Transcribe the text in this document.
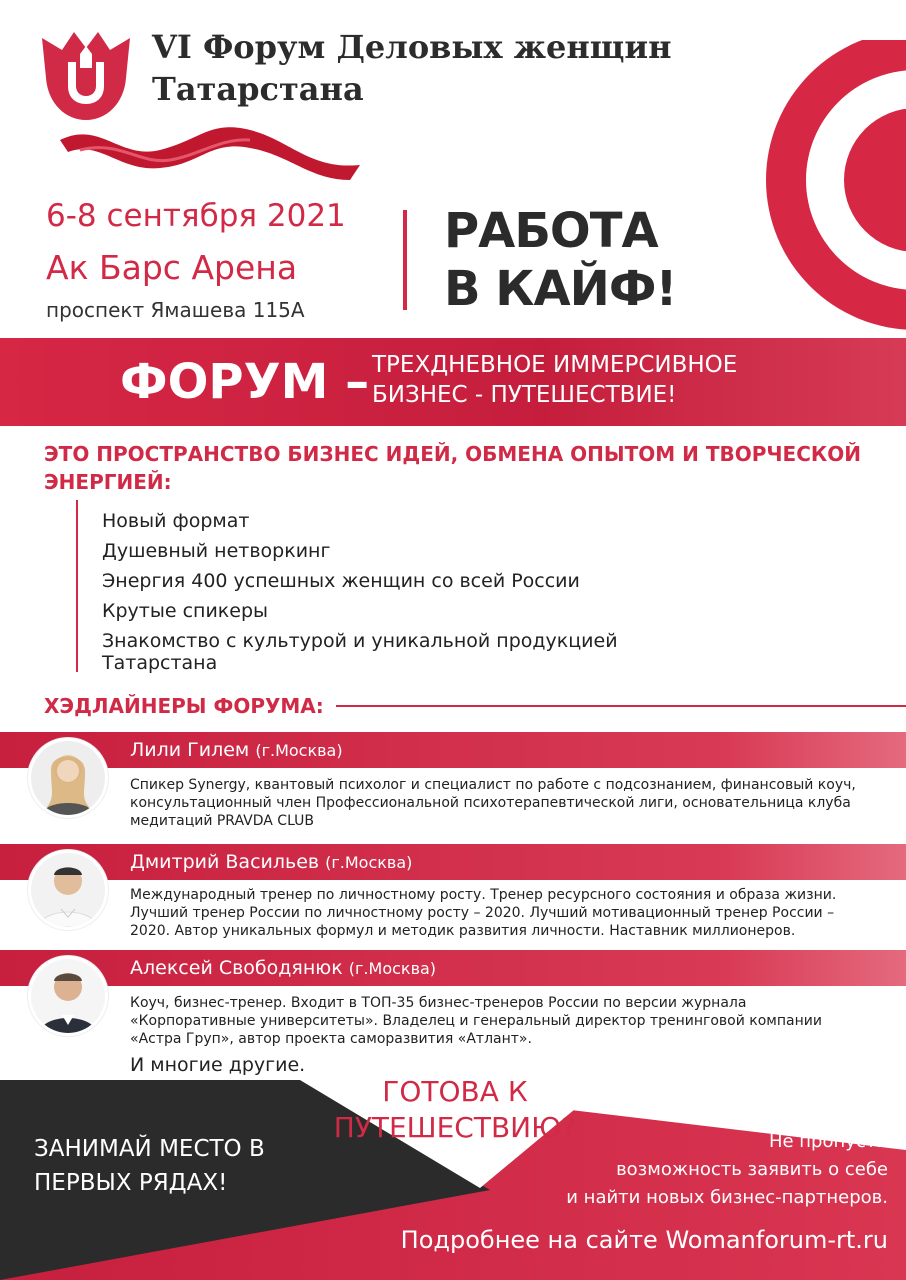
VI Форум Деловых женщин
Татарстана
6-8 сентября 2021
Ак Барс Арена
проспект Ямашева 115А
РАБОТА
В КАЙФ!
ФОРУМ – ТРЕХДНЕВНОЕ ИММЕРСИВНОЕ
БИЗНЕС - ПУТЕШЕСТВИЕ!
ЭТО ПРОСТРАНСТВО БИЗНЕС ИДЕЙ, ОБМЕНА ОПЫТОМ И ТВОРЧЕСКОЙ ЭНЕРГИЕЙ:
Новый формат
Душевный нетворкинг
Энергия 400 успешных женщин со всей России
Крутые спикеры
Знакомство с культурой и уникальной продукцией Татарстана
ХЭДЛАЙНЕРЫ ФОРУМА:
Лили Гилем (г.Москва)
Спикер Synergy, квантовый психолог и специалист по работе с подсознанием, финансовый коуч, консультационный член Профессиональной психотерапевтической лиги, основательница клуба медитаций PRAVDA CLUB
Дмитрий Васильев (г.Москва)
Международный тренер по личностному росту. Тренер ресурсного состояния и образа жизни. Лучший тренер России по личностному росту – 2020. Лучший мотивационный тренер России – 2020. Автор уникальных формул и методик развития личности. Наставник миллионеров.
Алексей Свободянюк (г.Москва)
Коуч, бизнес-тренер. Входит в ТОП-35 бизнес-тренеров России по версии журнала «Корпоративные университеты». Владелец и генеральный директор тренинговой компании «Астра Груп», автор проекта саморазвития «Атлант».
И многие другие.
ЗАНИМАЙ МЕСТО В ПЕРВЫХ РЯДАХ!
ГОТОВА К ПУТЕШЕСТВИЮ?	Не пропусти
возможность заявить о себе
и найти новых бизнес-партнеров.
Подробнее на сайте Womanforum-rt.ru
